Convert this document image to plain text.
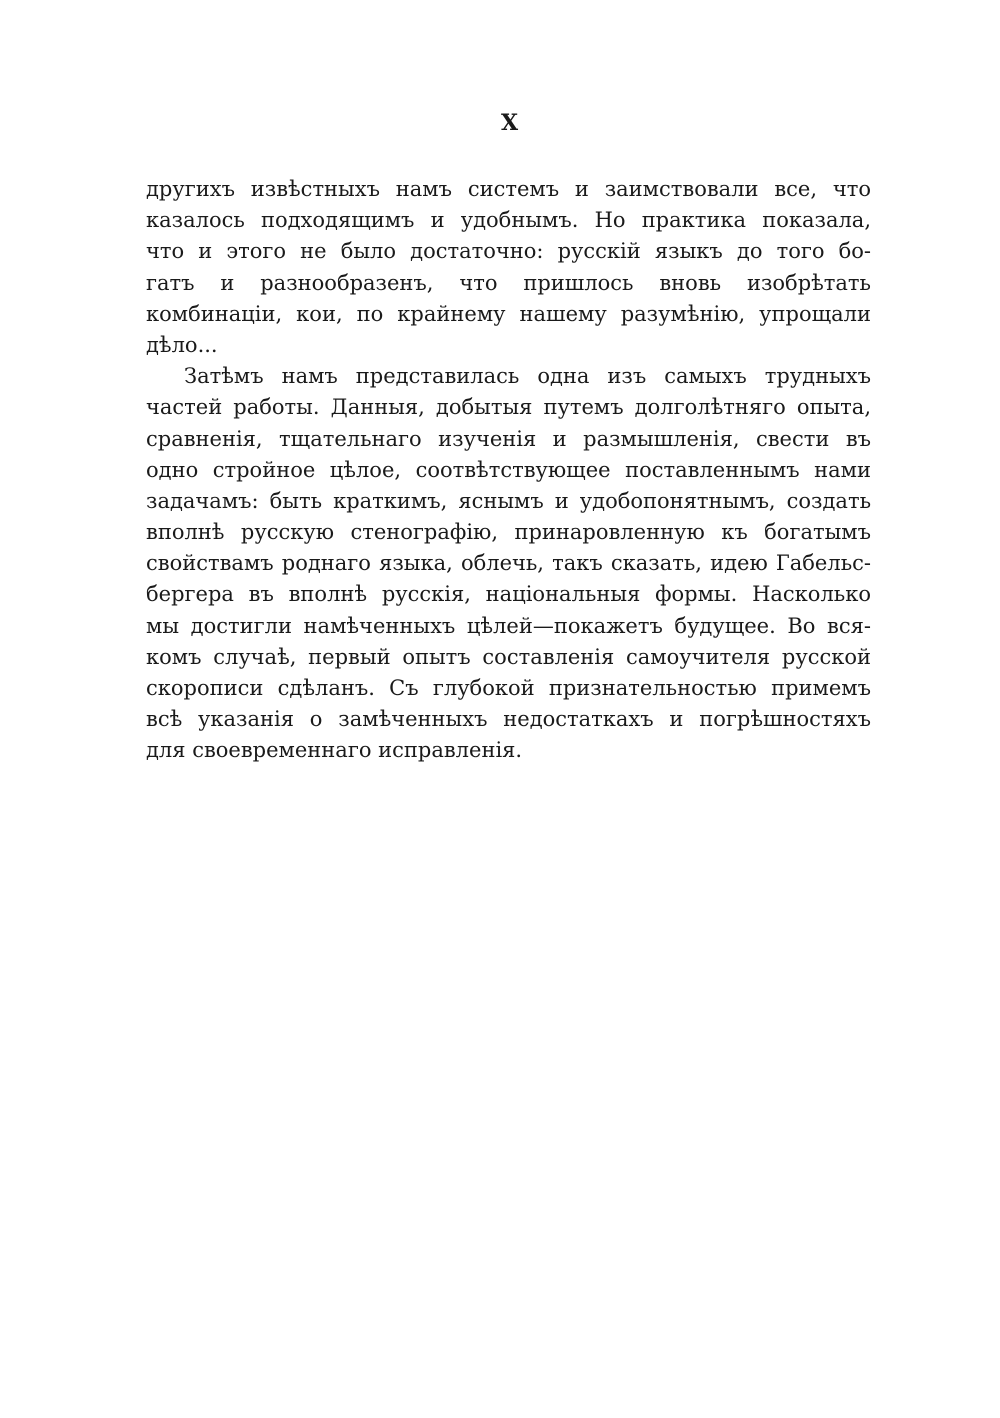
X
другихъ извѣстныхъ намъ системъ и заимствовали все, что
казалось подходящимъ и удобнымъ. Но практика показала,
что и этого не было достаточно: русскій языкъ до того бо-
гатъ и разнообразенъ, что пришлось вновь изобрѣтать
комбинаціи, кои, по крайнему нашему разумѣнію, упрощали
дѣло...
Затѣмъ намъ представилась одна изъ самыхъ трудныхъ
частей работы. Данныя, добытыя путемъ долголѣтняго опыта,
сравненія, тщательнаго изученія и размышленія, свести въ
одно стройное цѣлое, соотвѣтствующее поставленнымъ нами
задачамъ: быть краткимъ, яснымъ и удобопонятнымъ, создать
вполнѣ русскую стенографію, принаровленную къ богатымъ
свойствамъ роднаго языка, облечь, такъ сказать, идею Габельс-
бергера въ вполнѣ русскія, національныя формы. Насколько
мы достигли намѣченныхъ цѣлей—покажетъ будущее. Во вся-
комъ случаѣ, первый опытъ составленія самоучителя русской
скорописи сдѣланъ. Съ глубокой признательностью примемъ
всѣ указанія о замѣченныхъ недостаткахъ и погрѣшностяхъ
для своевременнаго исправленія.
